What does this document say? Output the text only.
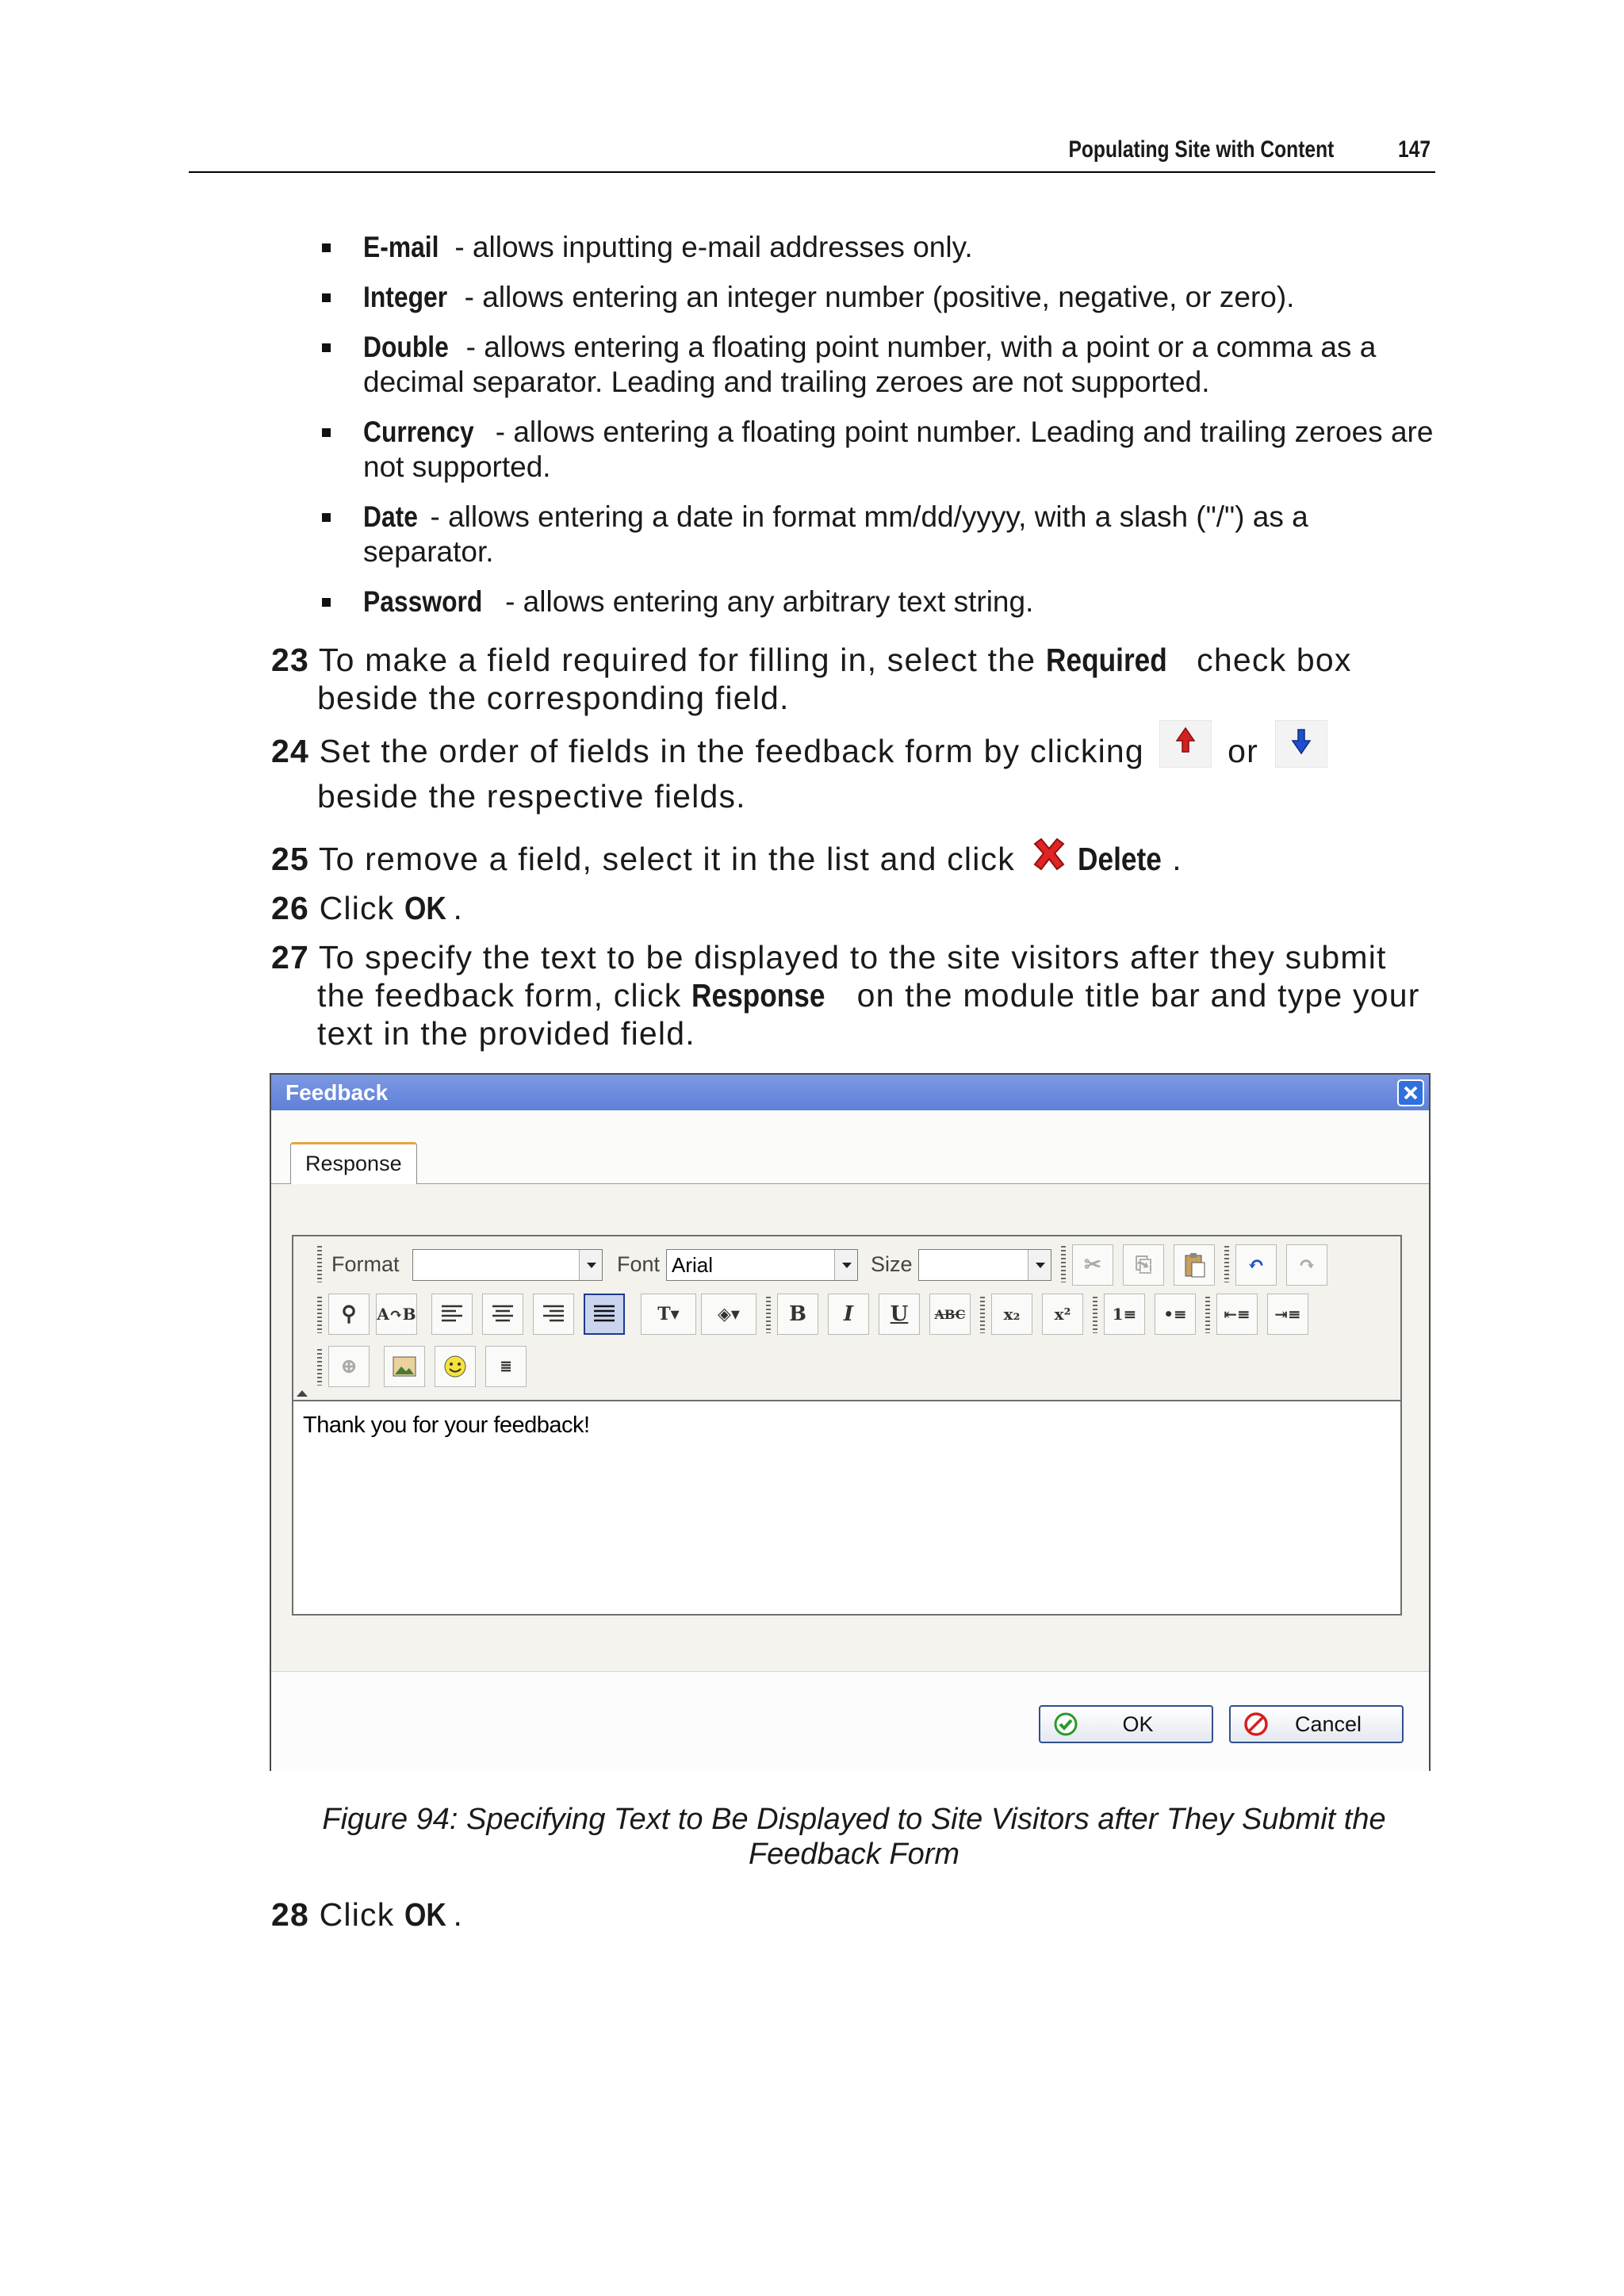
Populating Site with Content	147
E-mail - allows inputting e-mail addresses only.
Integer - allows entering an integer number (positive, negative, or zero).
Double - allows entering a floating point number, with a point or a comma as a decimal separator. Leading and trailing zeroes are not supported.
Currency - allows entering a floating point number. Leading and trailing zeroes are not supported.
Date - allows entering a date in format mm/dd/yyyy, with a slash ("/") as a separator.
Password - allows entering any arbitrary text string.
23 To make a field required for filling in, select the Required check box
beside the corresponding field.
24 Set the order of fields in the feedback form by clicking	or
beside the respective fields.
25 To remove a field, select it in the list and click Delete .
26 Click OK .
27 To specify the text to be displayed to the site visitors after they submit
the feedback form, click Response on the module title bar and type your
text in the provided field.
28 Click OK .
Feedback
Response
Format	Font Arial	Size	✂	⎘	↶	↷
⚲	A↷B	T▾	◈▾	B	I	U	ABC	x₂	x²	1≡	•≡	⇤≡	⇥≡
⊕	≣
Thank you for your feedback!
OK	Cancel
Figure 94: Specifying Text to Be Displayed to Site Visitors after They Submit the
Feedback Form
